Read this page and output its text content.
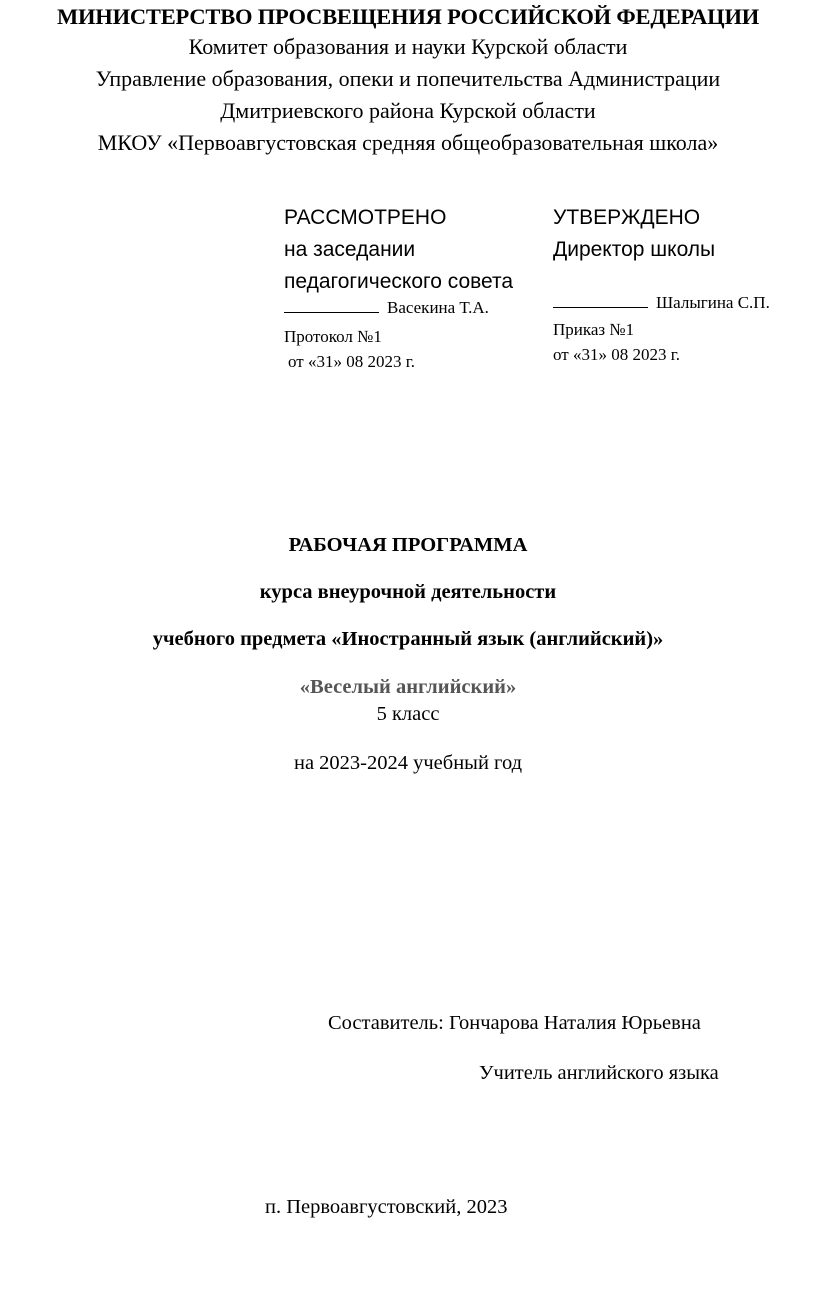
МИНИСТЕРСТВО ПРОСВЕЩЕНИЯ РОССИЙСКОЙ ФЕДЕРАЦИИ
Комитет образования и науки Курской области
Управление образования, опеки и попечительства Администрации
Дмитриевского района Курской области
МКОУ «Первоавгустовская средняя общеобразовательная школа»
РАССМОТРЕНО
на заседании
педагогического совета
Васекина Т.А.
Протокол №1
от «31» 08 2023 г.
УТВЕРЖДЕНО
Директор школы
Шалыгина С.П.
Приказ №1
от «31» 08 2023 г.
РАБОЧАЯ ПРОГРАММА
курса внеурочной деятельности
учебного предмета «Иностранный язык (английский)»
«Веселый английский»
5 класс
на 2023-2024 учебный год
Составитель: Гончарова Наталия Юрьевна
Учитель английского языка
п. Первоавгустовский, 2023
